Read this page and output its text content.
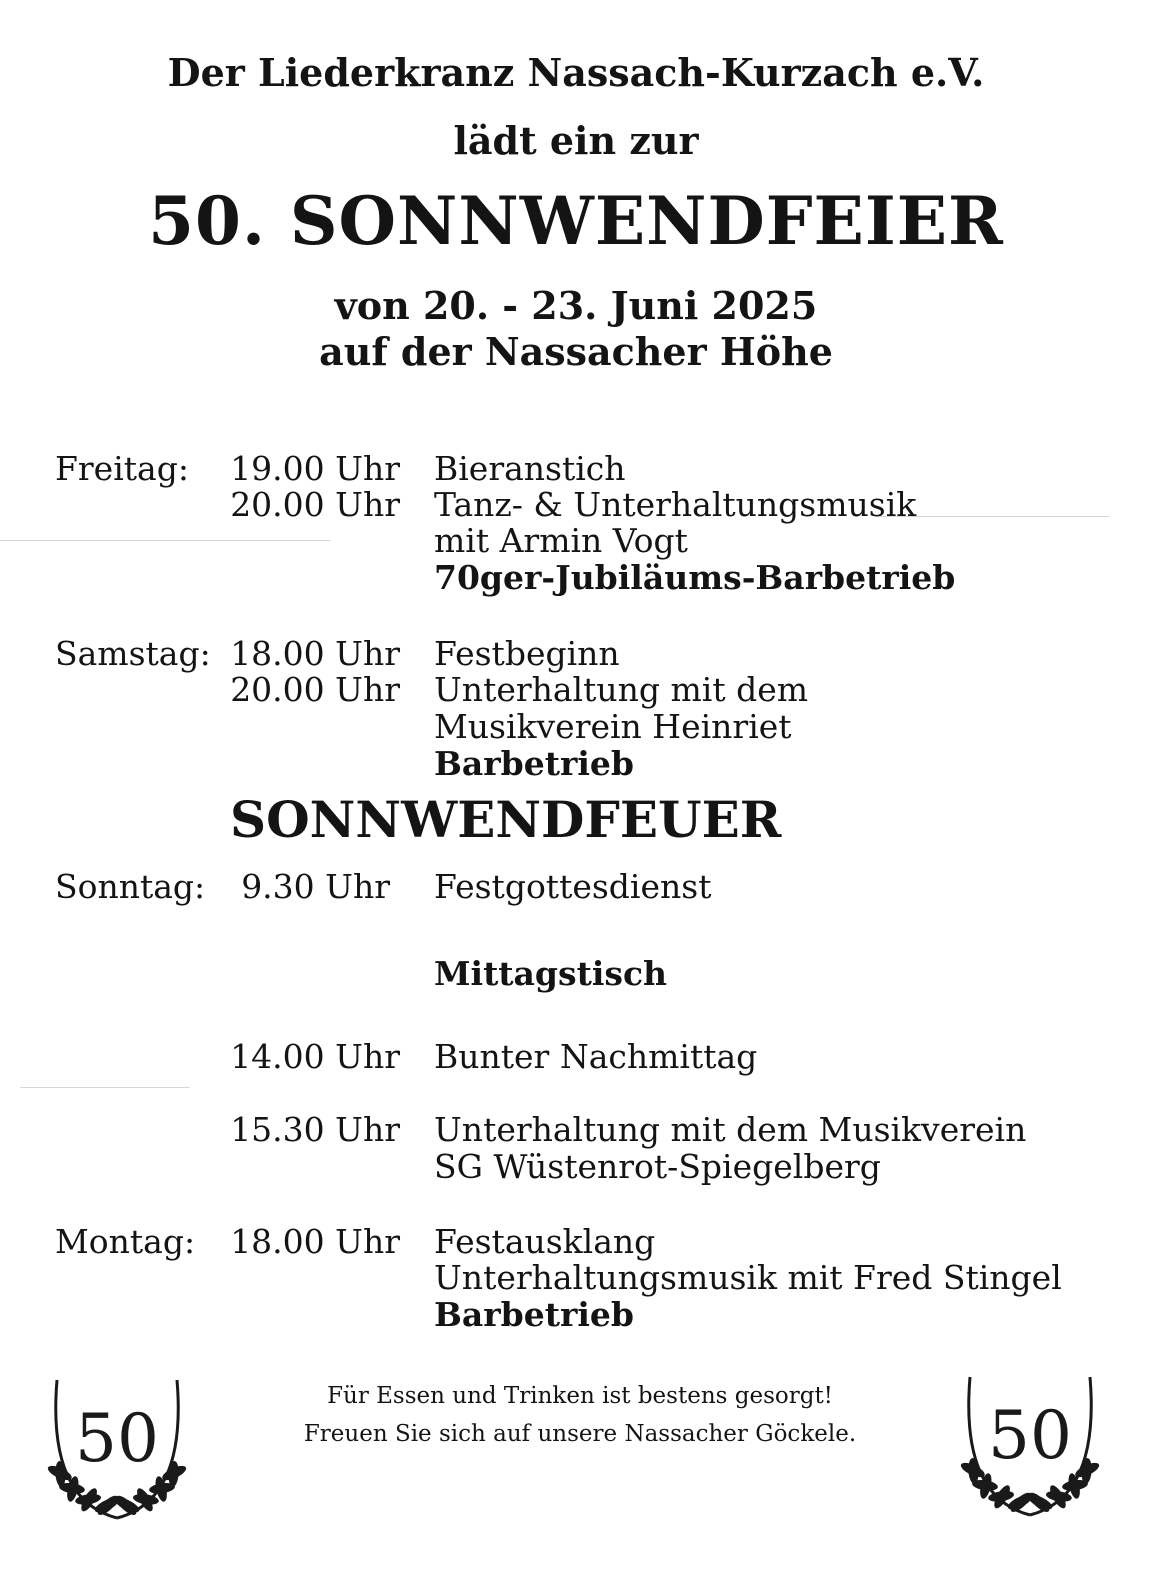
Der Liederkranz Nassach-Kurzach e.V.
lädt ein zur
50. SONNWENDFEIER
von 20. - 23. Juni 2025
auf der Nassacher Höhe
Freitag: 19.00 Uhr Bieranstich
20.00 Uhr Tanz- & Unterhaltungsmusik
mit Armin Vogt
70ger-Jubiläums-Barbetrieb
Samstag: 18.00 Uhr Festbeginn
20.00 Uhr Unterhaltung mit dem
Musikverein Heinriet
Barbetrieb
SONNWENDFEUER
Sonntag:	9.30 Uhr Festgottesdienst
Mittagstisch
14.00 Uhr Bunter Nachmittag
15.30 Uhr Unterhaltung mit dem Musikverein
SG Wüstenrot-Spiegelberg
Montag: 18.00 Uhr Festausklang
Unterhaltungsmusik mit Fred Stingel
Barbetrieb
Für Essen und Trinken ist bestens gesorgt!
Freuen Sie sich auf unsere Nassacher Göckele.
50	50
